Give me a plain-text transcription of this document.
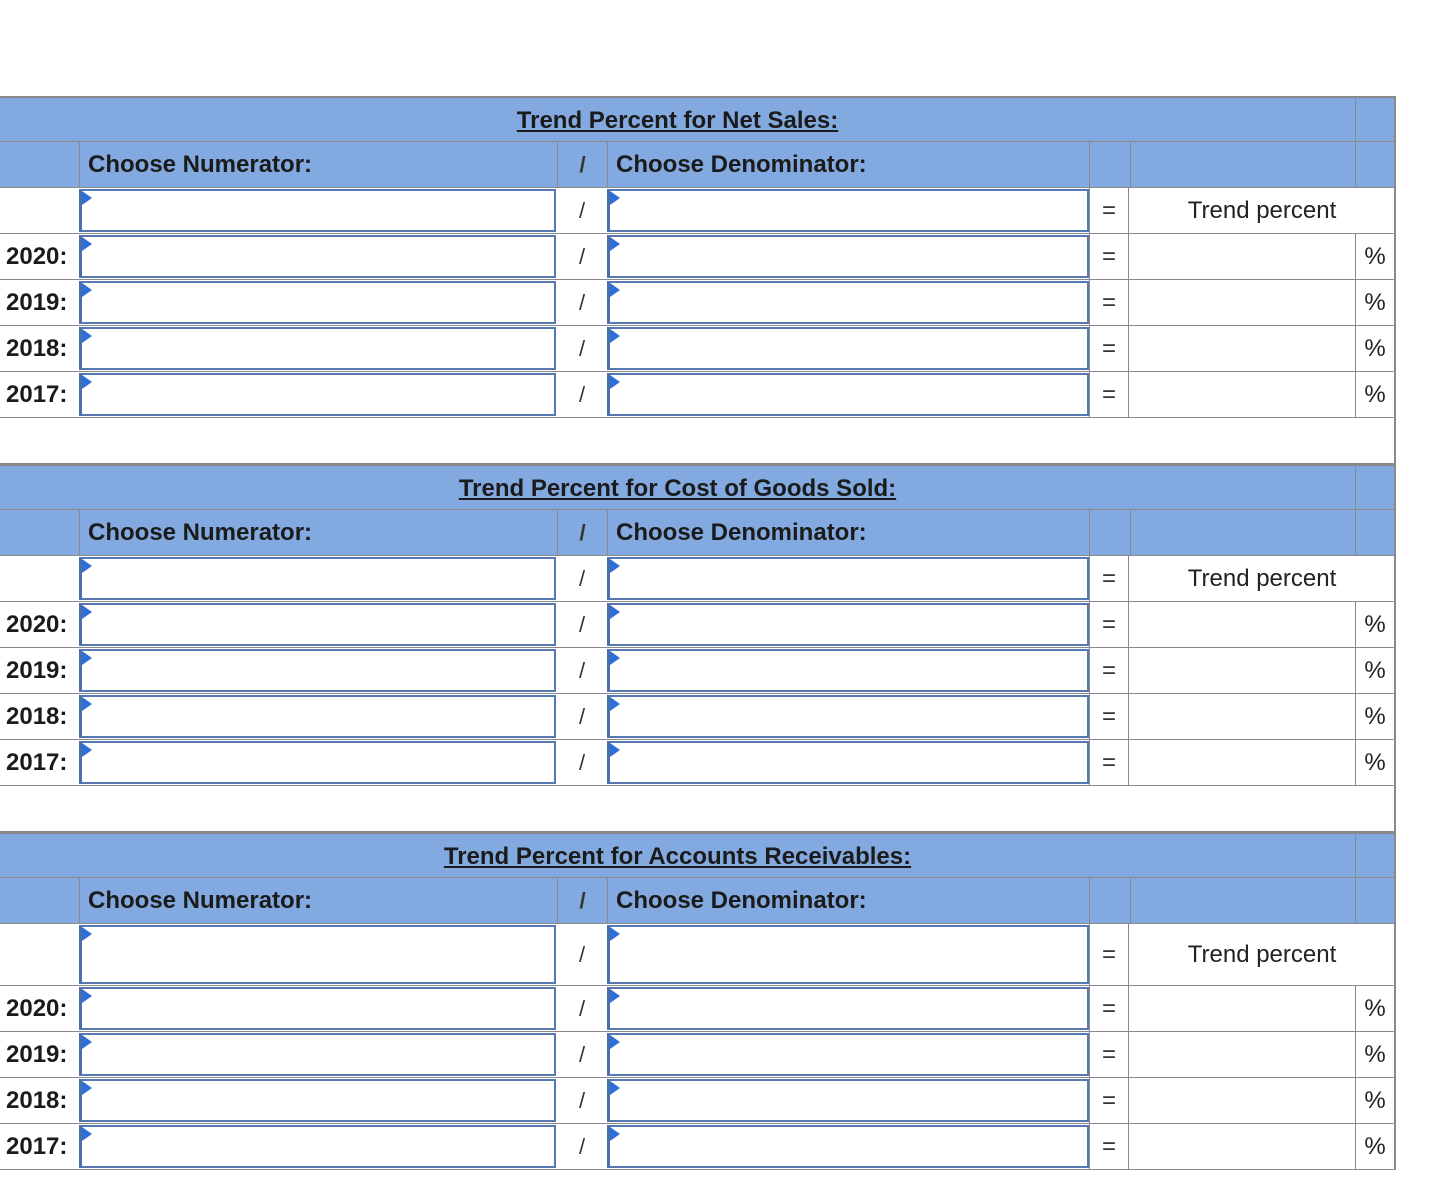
Trend Percent for Net Sales:
Choose Numerator:	/	Choose Denominator:
/	=	Trend percent
2020:	/	=	%
2019:	/	=	%
2018:	/	=	%
2017:	/	=	%
Trend Percent for Cost of Goods Sold:
Choose Numerator:	/	Choose Denominator:
/	=	Trend percent
2020:	/	=	%
2019:	/	=	%
2018:	/	=	%
2017:	/	=	%
Trend Percent for Accounts Receivables:
Choose Numerator:	/	Choose Denominator:
/	=	Trend percent
2020:	/	=	%
2019:	/	=	%
2018:	/	=	%
2017:	/	=	%
